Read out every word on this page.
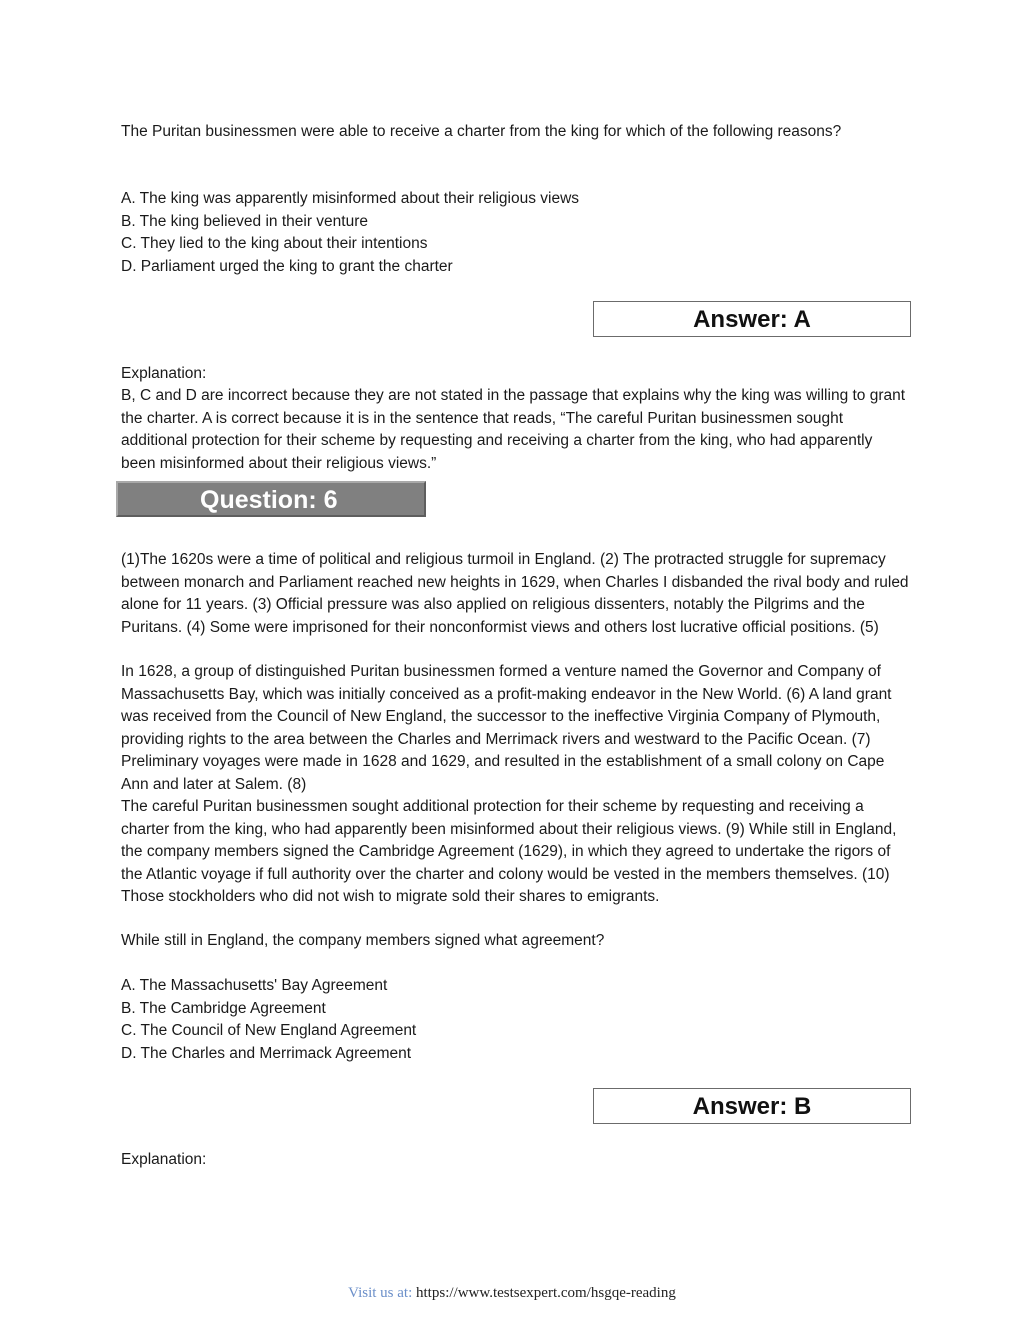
The Puritan businessmen were able to receive a charter from the king for which of the following reasons?

A. The king was apparently misinformed about their religious views

B. The king believed in their venture

C. They lied to the king about their intentions

D. Parliament urged the king to grant the charter

Answer: A

Explanation:

B, C and D are incorrect because they are not stated in the passage that explains why the king was willing to grant the charter. A is correct because it is in the sentence that reads, “The careful Puritan businessmen sought additional protection for their scheme by requesting and receiving a charter from the king, who had apparently been misinformed about their religious views.”

Question: 6

(1)The 1620s were a time of political and religious turmoil in England. (2) The protracted struggle for supremacy between monarch and Parliament reached new heights in 1629, when Charles I disbanded the rival body and ruled alone for 11 years. (3) Official pressure was also applied on religious dissenters, notably the Pilgrims and the Puritans. (4) Some were imprisoned for their nonconformist views and others lost lucrative official positions. (5)

In 1628, a group of distinguished Puritan businessmen formed a venture named the Governor and Company of Massachusetts Bay, which was initially conceived as a profit-making endeavor in the New World. (6) A land grant was received from the Council of New England, the successor to the ineffective Virginia Company of Plymouth, providing rights to the area between the Charles and Merrimack rivers and westward to the Pacific Ocean. (7) Preliminary voyages were made in 1628 and 1629, and resulted in the establishment of a small colony on Cape Ann and later at Salem. (8)

The careful Puritan businessmen sought additional protection for their scheme by requesting and receiving a charter from the king, who had apparently been misinformed about their religious views. (9) While still in England, the company members signed the Cambridge Agreement (1629), in which they agreed to undertake the rigors of the Atlantic voyage if full authority over the charter and colony would be vested in the members themselves. (10) Those stockholders who did not wish to migrate sold their shares to emigrants.

While still in England, the company members signed what agreement?

A. The Massachusetts' Bay Agreement

B. The Cambridge Agreement

C. The Council of New England Agreement

D. The Charles and Merrimack Agreement

Answer: B

Explanation:

Visit us at: https://www.testsexpert.com/hsgqe-reading
